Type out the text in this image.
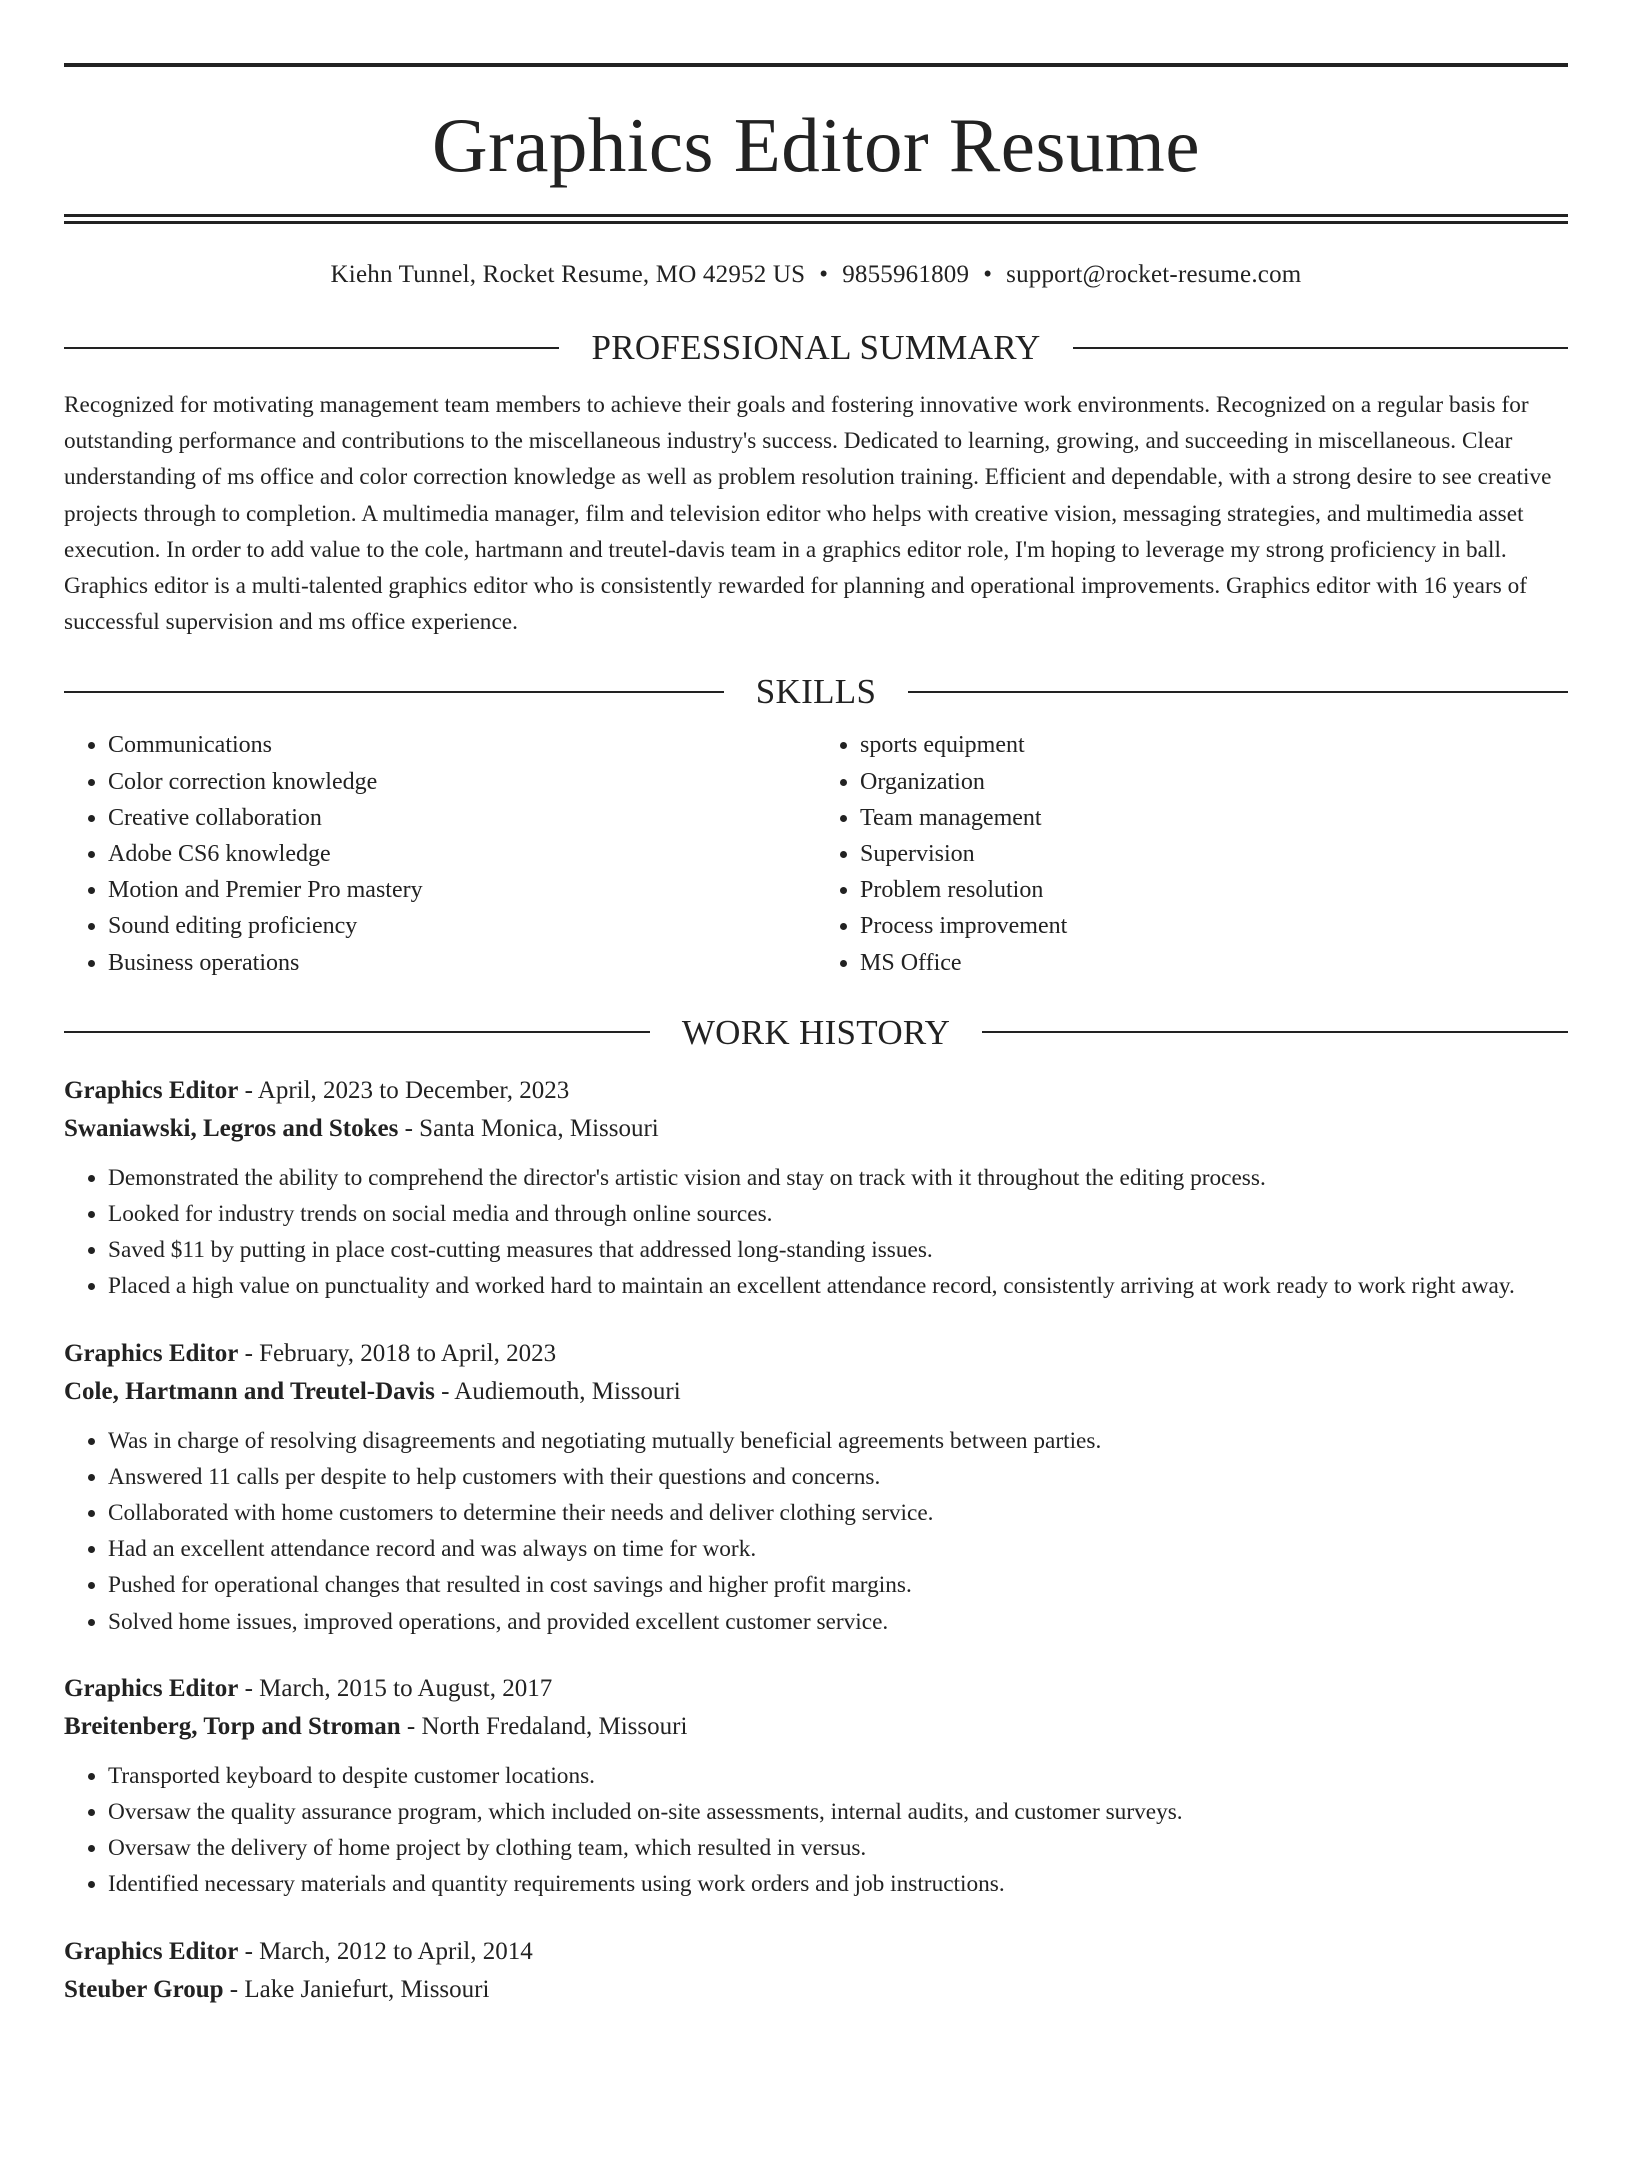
Graphics Editor Resume
Kiehn Tunnel, Rocket Resume, MO 42952 US • 9855961809 • support@rocket-resume.com
PROFESSIONAL SUMMARY

Recognized for motivating management team members to achieve their goals and fostering innovative work environments. Recognized on a regular basis for outstanding performance and contributions to the miscellaneous industry's success. Dedicated to learning, growing, and succeeding in miscellaneous. Clear understanding of ms office and color correction knowledge as well as problem resolution training. Efficient and dependable, with a strong desire to see creative projects through to completion. A multimedia manager, film and television editor who helps with creative vision, messaging strategies, and multimedia asset execution. In order to add value to the cole, hartmann and treutel-davis team in a graphics editor role, I'm hoping to leverage my strong proficiency in ball. Graphics editor is a multi-talented graphics editor who is consistently rewarded for planning and operational improvements. Graphics editor with 16 years of successful supervision and ms office experience.

SKILLS
• Communications
• Color correction knowledge
• Creative collaboration
• Adobe CS6 knowledge
• Motion and Premier Pro mastery
• Sound editing proficiency
• Business operations
• sports equipment
• Organization
• Team management
• Supervision
• Problem resolution
• Process improvement
• MS Office
WORK HISTORY
Graphics Editor - April, 2023 to December, 2023
Swaniawski, Legros and Stokes - Santa Monica, Missouri
• Demonstrated the ability to comprehend the director's artistic vision and stay on track with it throughout the editing process.
• Looked for industry trends on social media and through online sources.
• Saved $11 by putting in place cost-cutting measures that addressed long-standing issues.
• Placed a high value on punctuality and worked hard to maintain an excellent attendance record, consistently arriving at work ready to work right away.
Graphics Editor - February, 2018 to April, 2023
Cole, Hartmann and Treutel-Davis - Audiemouth, Missouri
• Was in charge of resolving disagreements and negotiating mutually beneficial agreements between parties.
• Answered 11 calls per despite to help customers with their questions and concerns.
• Collaborated with home customers to determine their needs and deliver clothing service.
• Had an excellent attendance record and was always on time for work.
• Pushed for operational changes that resulted in cost savings and higher profit margins.
• Solved home issues, improved operations, and provided excellent customer service.
Graphics Editor - March, 2015 to August, 2017
Breitenberg, Torp and Stroman - North Fredaland, Missouri
• Transported keyboard to despite customer locations.
• Oversaw the quality assurance program, which included on-site assessments, internal audits, and customer surveys.
• Oversaw the delivery of home project by clothing team, which resulted in versus.
• Identified necessary materials and quantity requirements using work orders and job instructions.
Graphics Editor - March, 2012 to April, 2014
Steuber Group - Lake Janiefurt, Missouri
